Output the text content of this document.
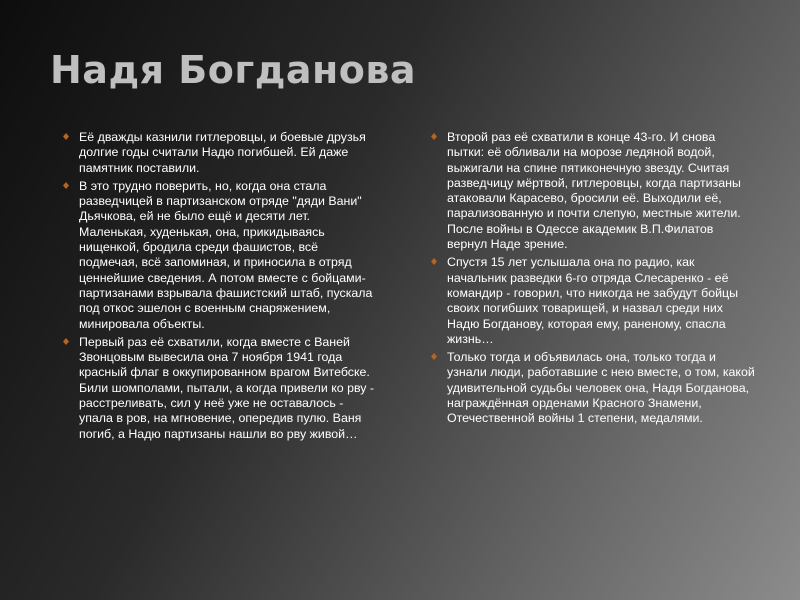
Надя Богданова

Её дважды казнили гитлеровцы, и боевые друзья долгие годы считали Надю погибшей. Ей даже памятник поставили.

В это трудно поверить, но, когда она стала разведчицей в партизанском отряде "дяди Вани" Дьячкова, ей не было ещё и десяти лет. Маленькая, худенькая, она, прикидываясь нищенкой, бродила среди фашистов, всё подмечая, всё запоминая, и приносила в отряд ценнейшие сведения. А потом вместе с бойцами-партизанами взрывала фашистский штаб, пускала под откос эшелон с военным снаряжением, минировала объекты.

Первый раз её схватили, когда вместе с Ваней Звонцовым вывесила она 7 ноября 1941 года красный флаг в оккупированном врагом Витебске. Били шомполами, пытали, а когда привели ко рву - расстреливать, сил у неё уже не оставалось - упала в ров, на мгновение, опередив пулю. Ваня погиб, а Надю партизаны нашли во рву живой…

Второй раз её схватили в конце 43-го. И снова пытки: её обливали на морозе ледяной водой, выжигали на спине пятиконечную звезду. Считая разведчицу мёртвой, гитлеровцы, когда партизаны атаковали Карасево, бросили её. Выходили её, парализованную и почти слепую, местные жители. После войны в Одессе академик В.П.Филатов вернул Наде зрение.

Спустя 15 лет услышала она по радио, как начальник разведки 6-го отряда Слесаренко - её командир - говорил, что никогда не забудут бойцы своих погибших товарищей, и назвал среди них Надю Богданову, которая ему, раненому, спасла жизнь…

Только тогда и объявилась она, только тогда и узнали люди, работавшие с нею вместе, о том, какой удивительной судьбы человек она, Надя Богданова, награждённая орденами Красного Знамени, Отечественной войны 1 степени, медалями.
